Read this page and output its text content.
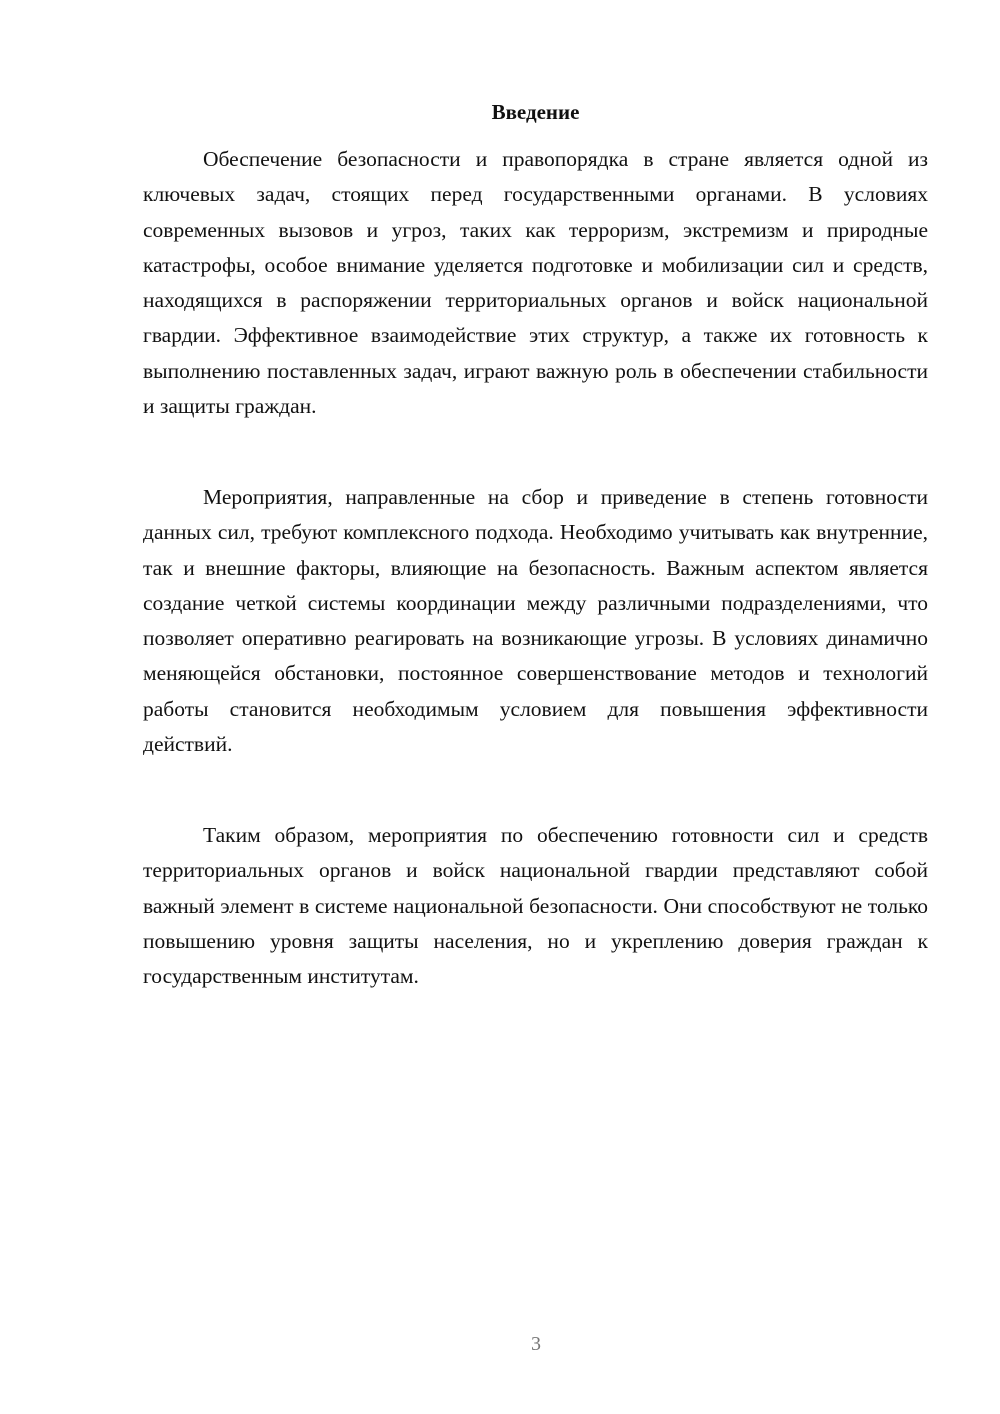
Введение

Обеспечение безопасности и правопорядка в стране является одной из ключевых задач, стоящих перед государственными органами. В условиях современных вызовов и угроз, таких как терроризм, экстремизм и природные катастрофы, особое внимание уделяется подготовке и мобилизации сил и средств, находящихся в распоряжении территориальных органов и войск национальной гвардии. Эффективное взаимодействие этих структур, а также их готовность к выполнению поставленных задач, играют важную роль в обеспечении стабильности и защиты граждан.

Мероприятия, направленные на сбор и приведение в степень готовности данных сил, требуют комплексного подхода. Необходимо учитывать как внутренние, так и внешние факторы, влияющие на безопасность. Важным аспектом является создание четкой системы координации между различными подразделениями, что позволяет оперативно реагировать на возникающие угрозы. В условиях динамично меняющейся обстановки, постоянное совершенствование методов и технологий работы становится необходимым условием для повышения эффективности действий.

Таким образом, мероприятия по обеспечению готовности сил и средств территориальных органов и войск национальной гвардии представляют собой важный элемент в системе национальной безопасности. Они способствуют не только повышению уровня защиты населения, но и укреплению доверия граждан к государственным институтам.

3
